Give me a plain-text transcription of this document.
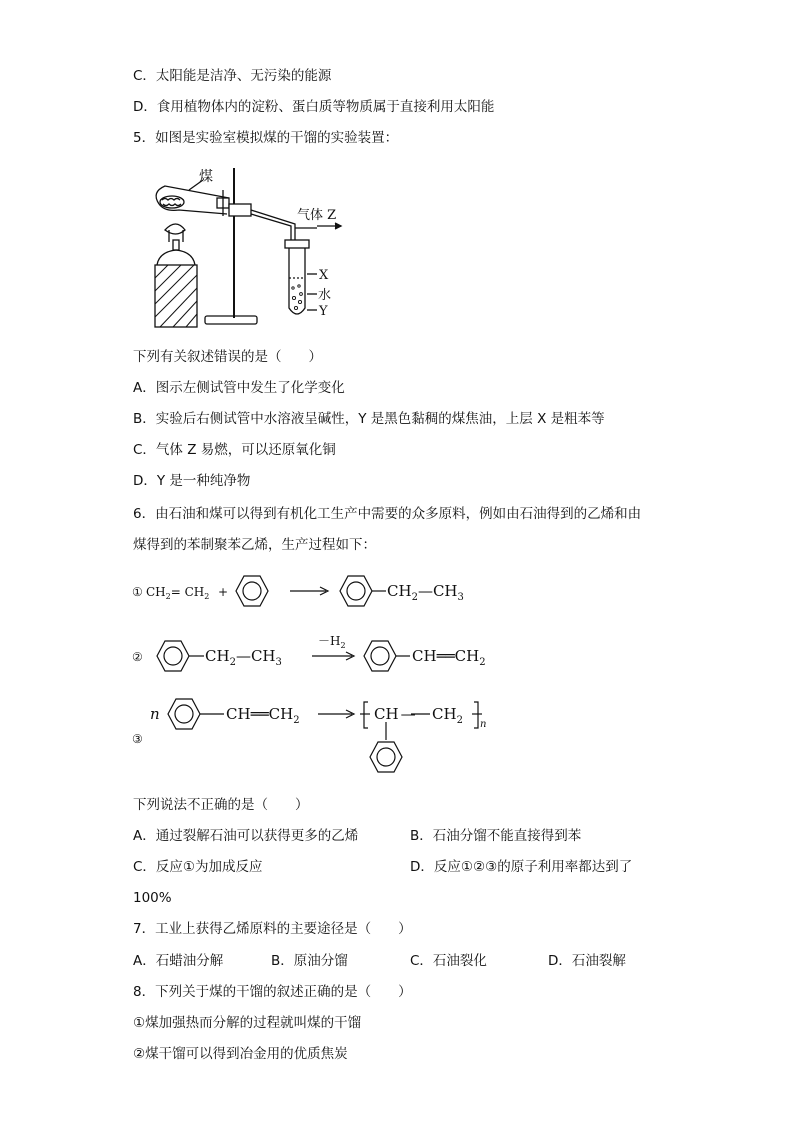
C．太阳能是洁净、无污染的能源
D．食用植物体内的淀粉、蛋白质等物质属于直接利用太阳能
5．如图是实验室模拟煤的干馏的实验装置：
煤
气体 Z
X
水
Y
下列有关叙述错误的是（　　）
A．图示左侧试管中发生了化学变化
B．实验后右侧试管中水溶液呈碱性，Y 是黑色黏稠的煤焦油，上层 X 是粗苯等
C．气体 Z 易燃，可以还原氧化铜
D．Y 是一种纯净物
6．由石油和煤可以得到有机化工生产中需要的众多原料，例如由石油得到的乙烯和由
煤得到的苯制聚苯乙烯，生产过程如下：
① $CH_2= CH_2$ +	$CH_2—CH_3$
②	$CH_2—CH_3$
$-H_2$
$CH══CH_2$
③
n	$CH══CH_2$	CH — $CH_2$ n
下列说法不正确的是（　　）
A．通过裂解石油可以获得更多的乙烯	B．石油分馏不能直接得到苯
C．反应①为加成反应	D．反应①②③的原子利用率都达到了
100%
7．工业上获得乙烯原料的主要途径是（　　）
A．石蜡油分解	B．原油分馏	C．石油裂化	D．石油裂解
8．下列关于煤的干馏的叙述正确的是（　　）
①煤加强热而分解的过程就叫煤的干馏
②煤干馏可以得到冶金用的优质焦炭
